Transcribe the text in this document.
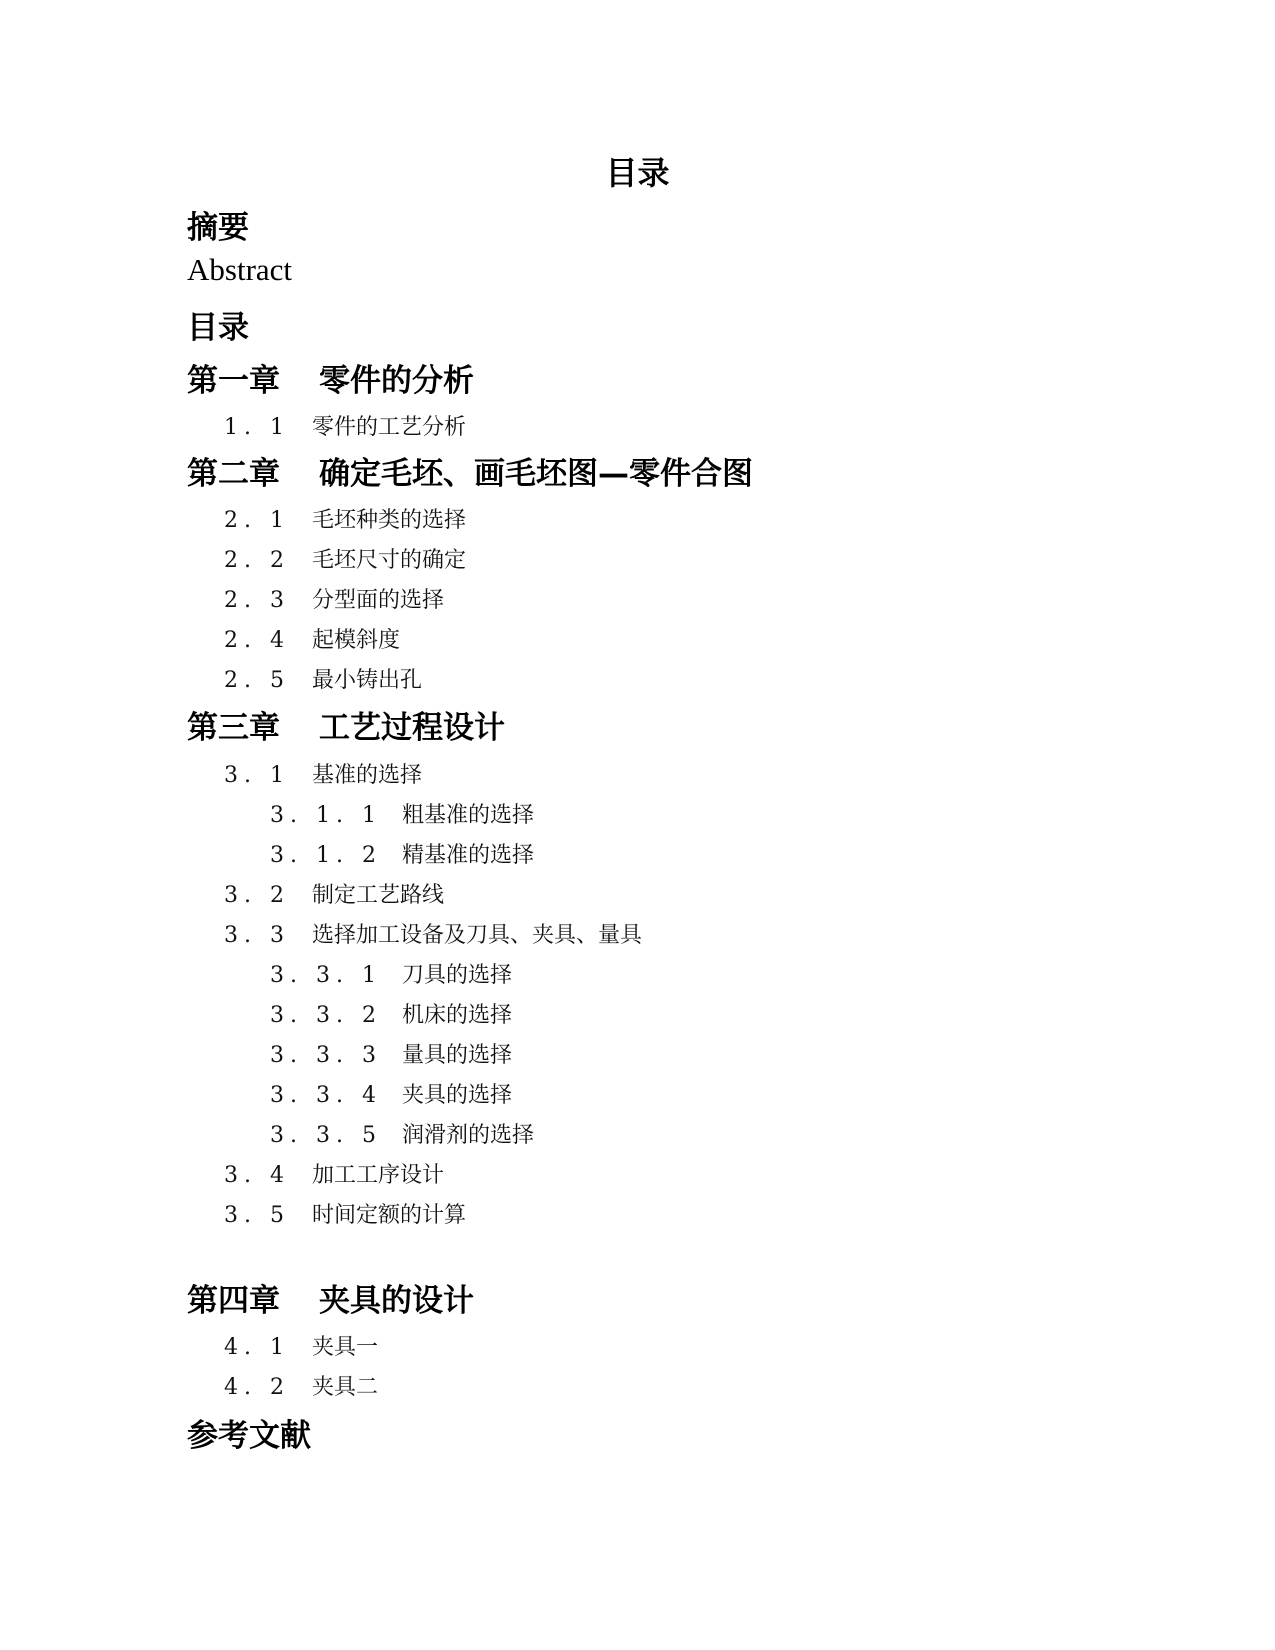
目录
摘要
Abstract
目录
第一章 零件的分析
1. 1 零件的工艺分析
第二章 确定毛坯、画毛坯图—零件合图
2. 1 毛坯种类的选择
2. 2 毛坯尺寸的确定
2. 3 分型面的选择
2. 4 起模斜度
2. 5 最小铸出孔
第三章 工艺过程设计
3. 1 基准的选择
3. 1. 1 粗基准的选择
3. 1. 2 精基准的选择
3. 2 制定工艺路线
3. 3 选择加工设备及刀具、夹具、量具
3. 3. 1 刀具的选择
3. 3. 2 机床的选择
3. 3. 3 量具的选择
3. 3. 4 夹具的选择
3. 3. 5 润滑剂的选择
3. 4 加工工序设计
3. 5 时间定额的计算
第四章 夹具的设计
4. 1 夹具一
4. 2 夹具二
参考文献
